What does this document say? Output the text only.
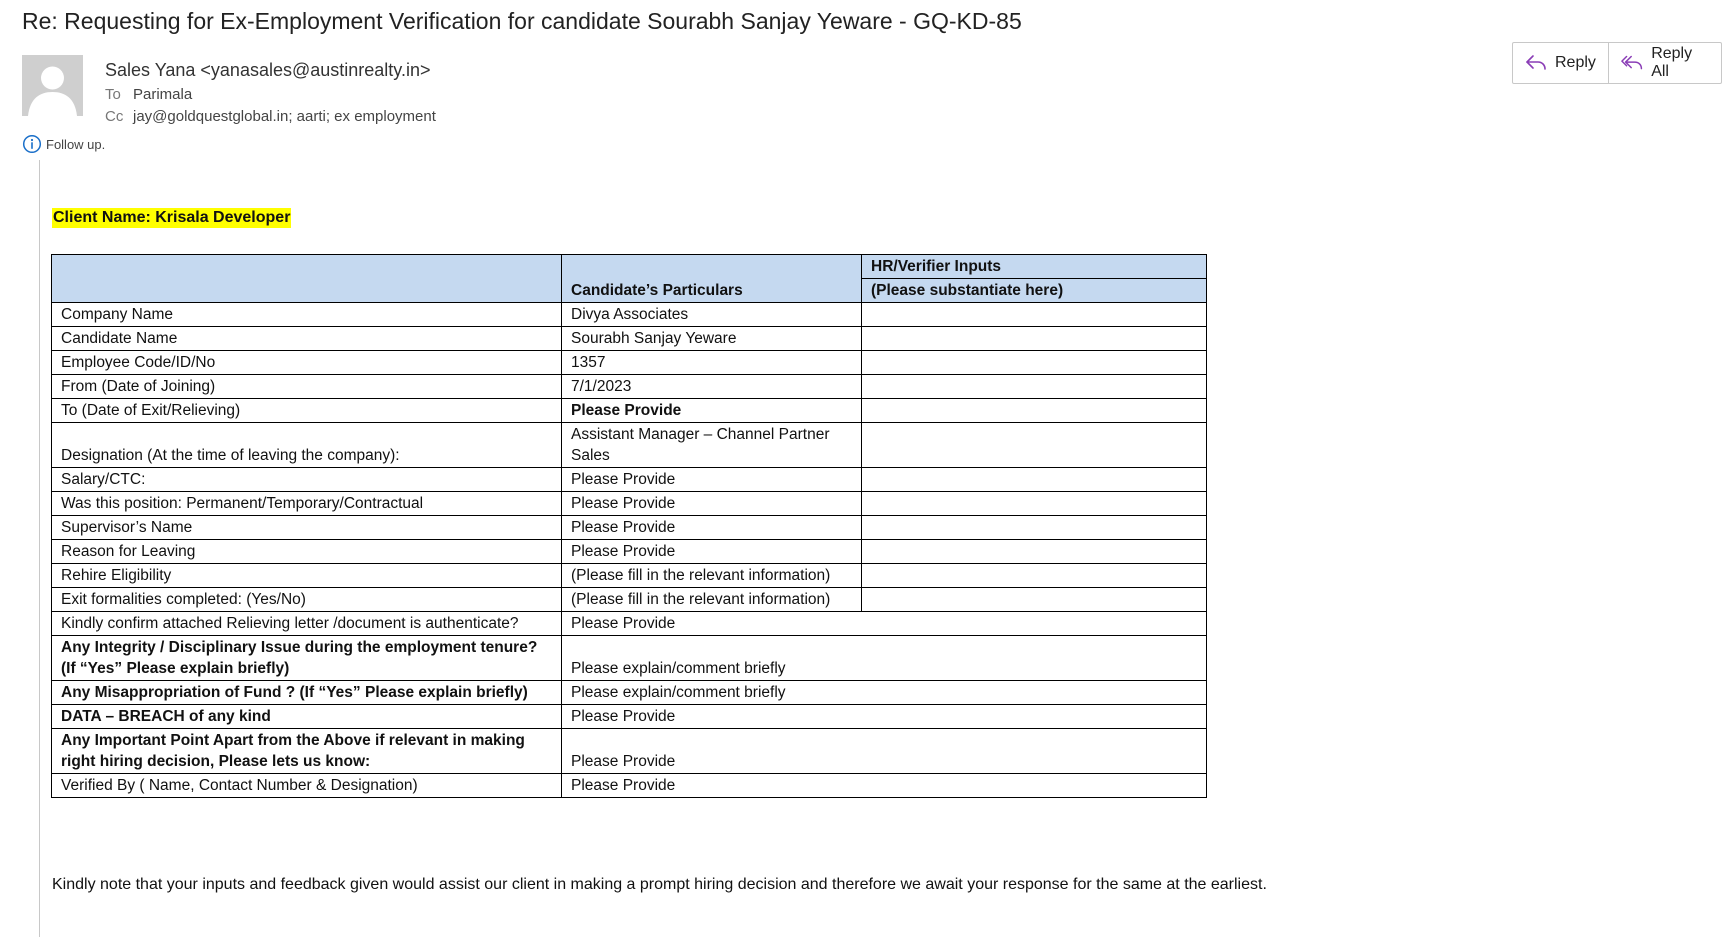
Re: Requesting for Ex-Employment Verification for candidate Sourabh Sanjay Yeware - GQ-KD-85
Sales Yana <yanasales@austinrealty.in>
To Parimala
Cc jay@goldquestglobal.in; aarti; ex employment
Follow up.
Reply
Reply All
Client Name: Krisala Developer
	Candidate’s Particulars	HR/Verifier Inputs
		(Please substantiate here)
Company Name	Divya Associates	
Candidate Name	Sourabh Sanjay Yeware	
Employee Code/ID/No	1357	
From (Date of Joining)	7/1/2023	
To (Date of Exit/Relieving)	Please Provide	
Designation (At the time of leaving the company):	Assistant Manager – Channel Partner Sales	
Salary/CTC:	Please Provide	
Was this position: Permanent/Temporary/Contractual	Please Provide	
Supervisor’s Name	Please Provide	
Reason for Leaving	Please Provide	
Rehire Eligibility	(Please fill in the relevant information)	
Exit formalities completed: (Yes/No)	(Please fill in the relevant information)	
Kindly confirm attached Relieving letter /document is authenticate?	Please Provide	
Any Integrity / Disciplinary Issue during the employment tenure? (If “Yes” Please explain briefly)	Please explain/comment briefly	
Any Misappropriation of Fund ? (If “Yes” Please explain briefly)	Please explain/comment briefly	
DATA – BREACH of any kind	Please Provide	
Any Important Point Apart from the Above if relevant in making right hiring decision, Please lets us know:	Please Provide	
Verified By ( Name, Contact Number & Designation)	Please Provide	
Kindly note that your inputs and feedback given would assist our client in making a prompt hiring decision and therefore we await your response for the same at the earliest.
